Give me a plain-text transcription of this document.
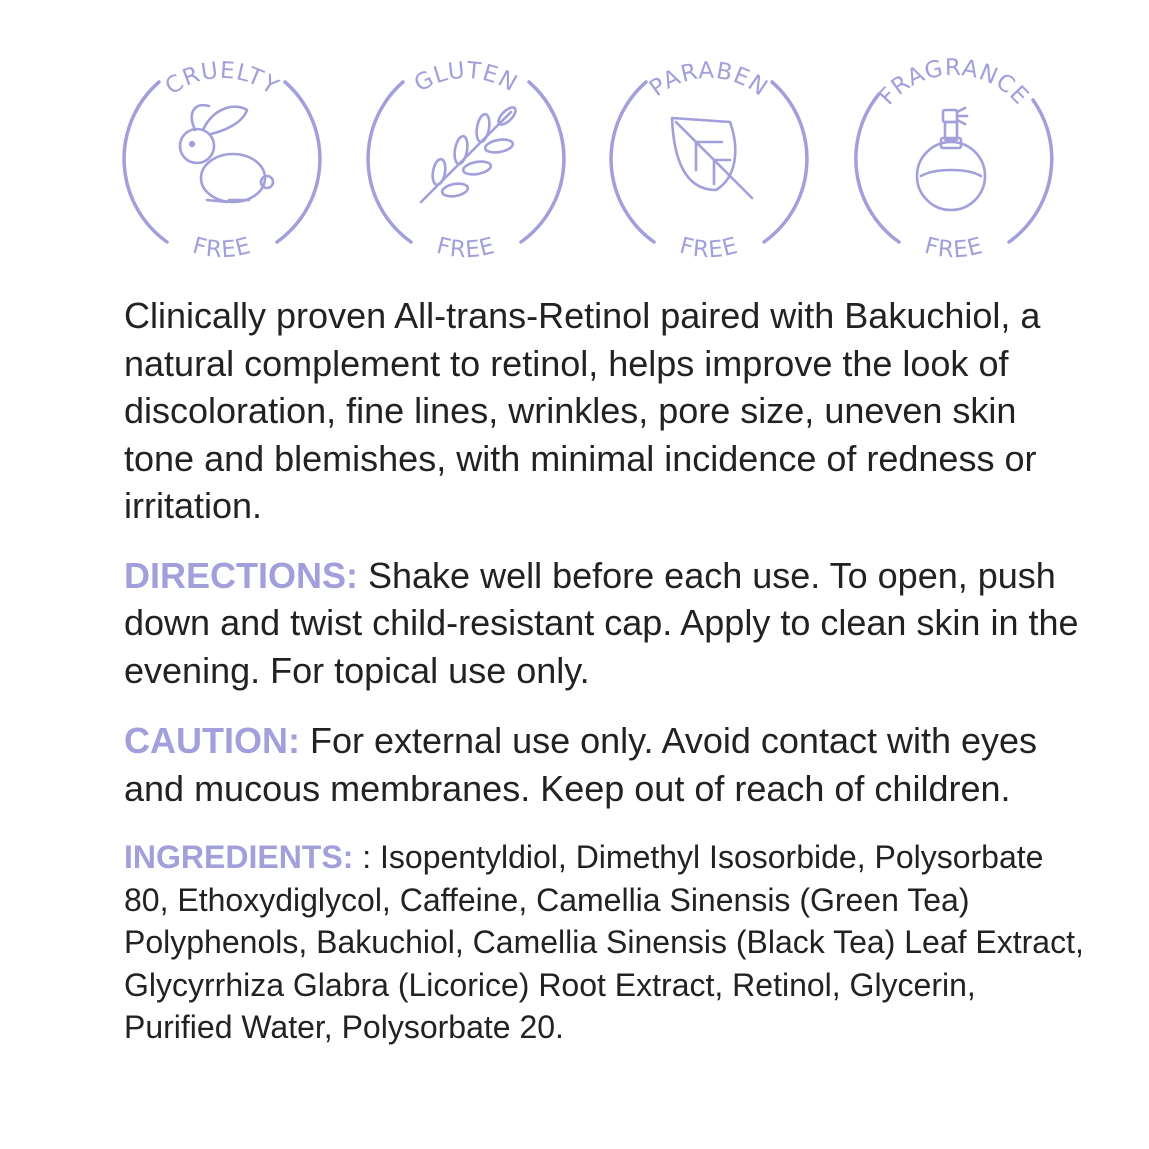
CRUELTY
FREE
GLUTEN
FREE
PARABEN
FREE
FRAGRANCE
FREE

Clinically proven All-trans-Retinol paired with Bakuchiol, a natural complement to retinol, helps improve the look of discoloration, fine lines, wrinkles, pore size, uneven skin tone and blemishes, with minimal incidence of redness or irritation.

DIRECTIONS: Shake well before each use. To open, push down and twist child-resistant cap. Apply to clean skin in the evening. For topical use only.

CAUTION: For external use only. Avoid contact with eyes and mucous membranes. Keep out of reach of children.

INGREDIENTS: : Isopentyldiol, Dimethyl Isosorbide, Polysorbate 80, Ethoxydiglycol, Caffeine, Camellia Sinensis (Green Tea) Polyphenols, Bakuchiol, Camellia Sinensis (Black Tea) Leaf Extract, Glycyrrhiza Glabra (Licorice) Root Extract, Retinol, Glycerin, Purified Water, Polysorbate 20.
